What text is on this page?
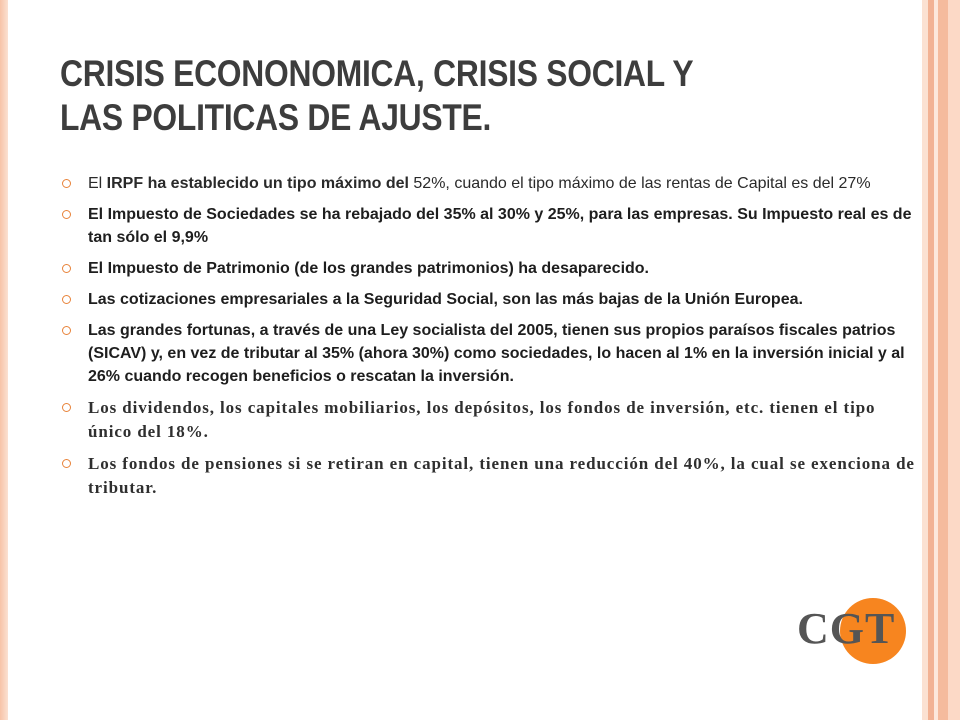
CRISIS ECONONOMICA, CRISIS SOCIAL Y
LAS POLITICAS DE AJUSTE.
El IRPF ha establecido un tipo máximo del 52%, cuando el tipo máximo de las rentas de Capital es del 27%
El Impuesto de Sociedades se ha rebajado del 35% al 30% y 25%, para las empresas. Su Impuesto real es de tan sólo el 9,9%
El Impuesto de Patrimonio (de los grandes patrimonios) ha desaparecido.
Las cotizaciones empresariales a la Seguridad Social, son las más bajas de la Unión Europea.
Las grandes fortunas, a través de una Ley socialista del 2005, tienen sus propios paraísos fiscales patrios (SICAV) y, en vez de tributar al 35% (ahora 30%) como sociedades, lo hacen al 1% en la inversión inicial y al 26% cuando recogen beneficios o rescatan la inversión.
Los dividendos, los capitales mobiliarios, los depósitos, los fondos de inversión, etc. tienen el tipo único del 18%.
Los fondos de pensiones si se retiran en capital, tienen una reducción del 40%, la cual se exenciona de tributar.
CGT
